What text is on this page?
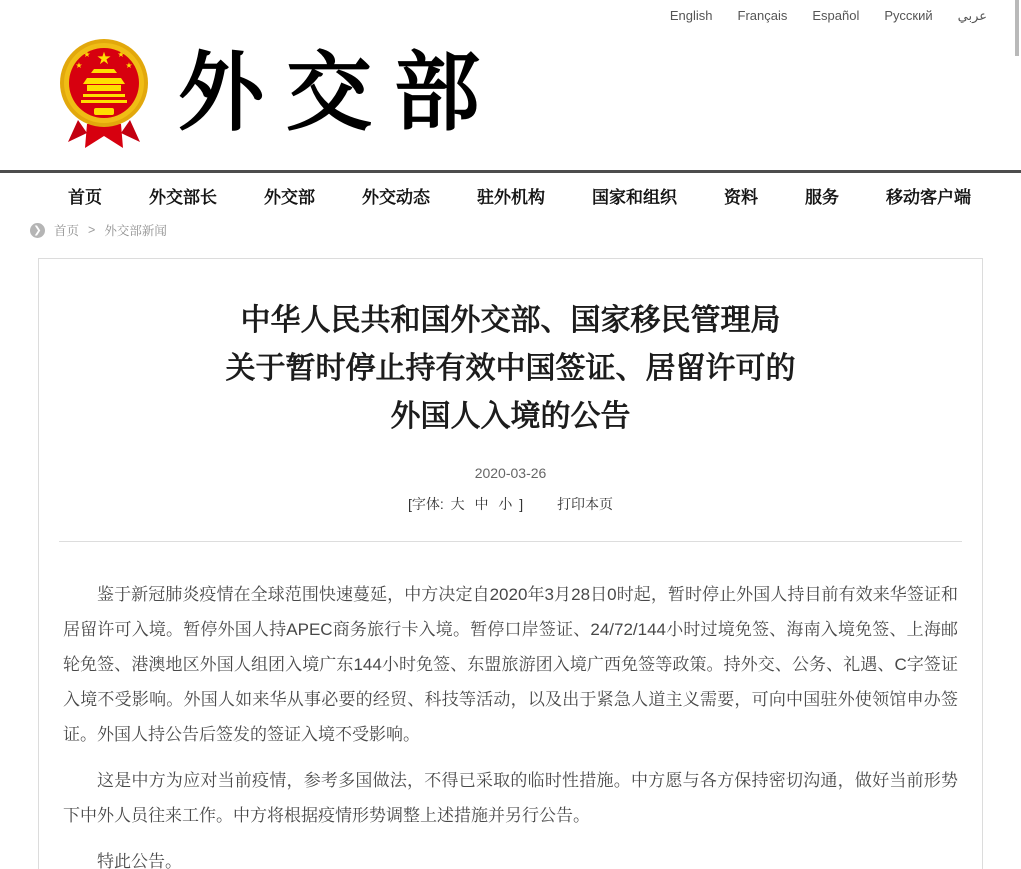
English Français Español Русский عربي
★
★	★
★	★ 外交部
首页	外交部长	外交部	外交动态	驻外机构	国家和组织	资料	服务	移动客户端
❯ 首页 > 外交部新闻
中华人民共和国外交部、国家移民管理局
关于暂时停止持有效中国签证、居留许可的
外国人入境的公告
2020-03-26
[字体: 大 中 小 ] 打印本页

鉴于新冠肺炎疫情在全球范围快速蔓延，中方决定自2020年3月28日0时起，暂时停止外国人持目前有效来华签证和居留许可入境。暂停外国人持APEC商务旅行卡入境。暂停口岸签证、24/72/144小时过境免签、海南入境免签、上海邮轮免签、港澳地区外国人组团入境广东144小时免签、东盟旅游团入境广西免签等政策。持外交、公务、礼遇、C字签证入境不受影响。外国人如来华从事必要的经贸、科技等活动，以及出于紧急人道主义需要，可向中国驻外使领馆申办签证。外国人持公告后签发的签证入境不受影响。

这是中方为应对当前疫情，参考多国做法，不得已采取的临时性措施。中方愿与各方保持密切沟通，做好当前形势下中外人员往来工作。中方将根据疫情形势调整上述措施并另行公告。

特此公告。
